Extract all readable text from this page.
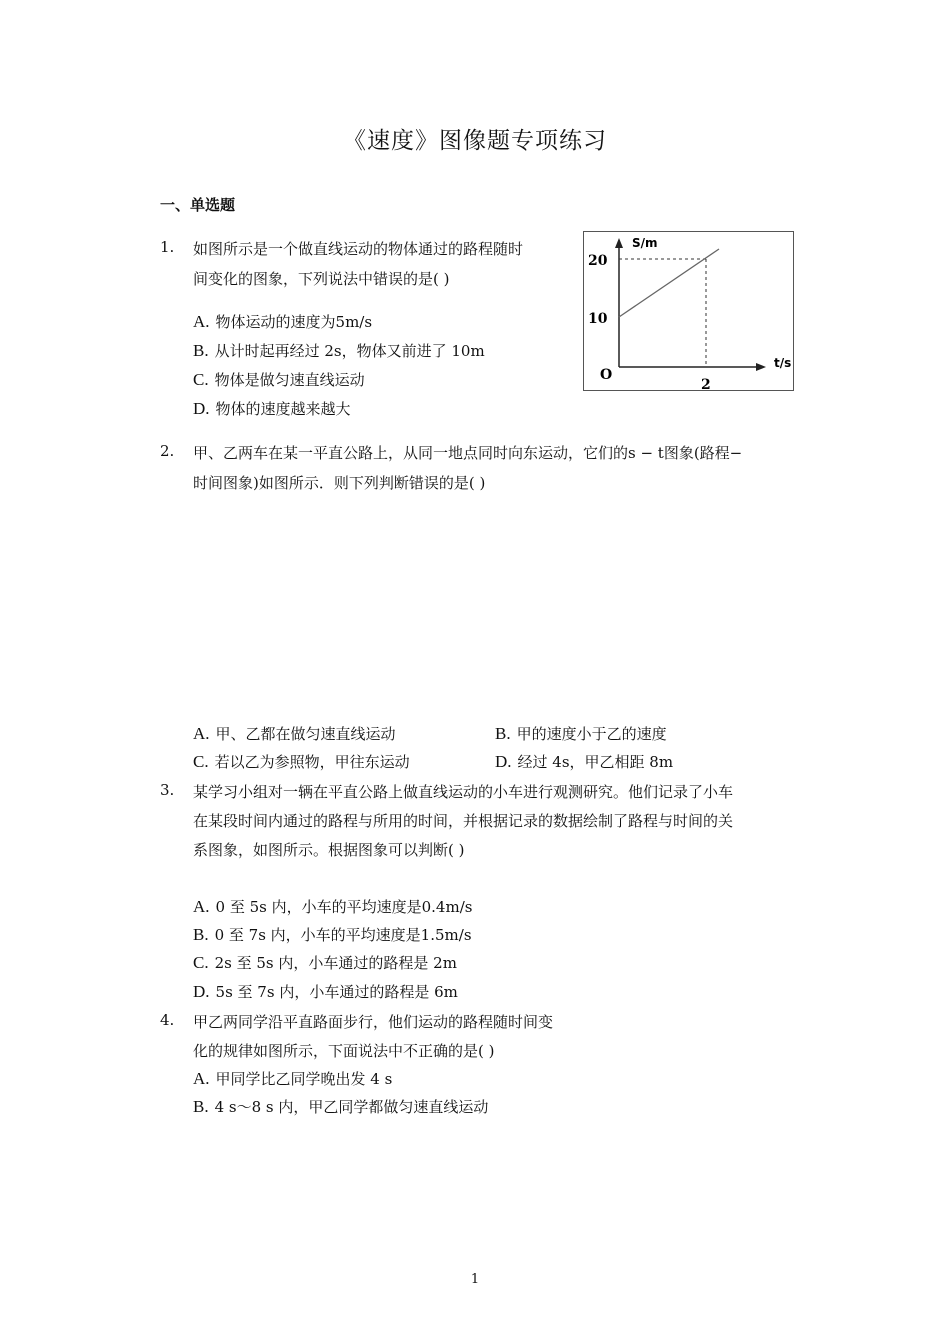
《速度》图像题专项练习
一、单选题
1. 如图所示是一个做直线运动的物体通过的路程随时
间变化的图象，下列说法中错误的是( )
A. 物体运动的速度为5m/s
B. 从计时起再经过 2s，物体又前进了 10m
C. 物体是做匀速直线运动
D. 物体的速度越来越大
S/m
t/s
20
10
O
2
2. 甲、乙两车在某一平直公路上，从同一地点同时向东运动，它们的s − t图象(路程−
时间图象)如图所示．则下列判断错误的是( )
A. 甲、乙都在做匀速直线运动	B. 甲的速度小于乙的速度
C. 若以乙为参照物，甲往东运动	D. 经过 4s，甲乙相距 8m
3. 某学习小组对一辆在平直公路上做直线运动的小车进行观测研究。他们记录了小车
在某段时间内通过的路程与所用的时间，并根据记录的数据绘制了路程与时间的关
系图象，如图所示。根据图象可以判断( )
A. 0 至 5s 内，小车的平均速度是0.4m/s
B. 0 至 7s 内，小车的平均速度是1.5m/s
C. 2s 至 5s 内，小车通过的路程是 2m
D. 5s 至 7s 内，小车通过的路程是 6m
4. 甲乙两同学沿平直路面步行，他们运动的路程随时间变
化的规律如图所示，下面说法中不正确的是( )
A. 甲同学比乙同学晚出发 4 s
B. 4 s～8 s 内，甲乙同学都做匀速直线运动
1
